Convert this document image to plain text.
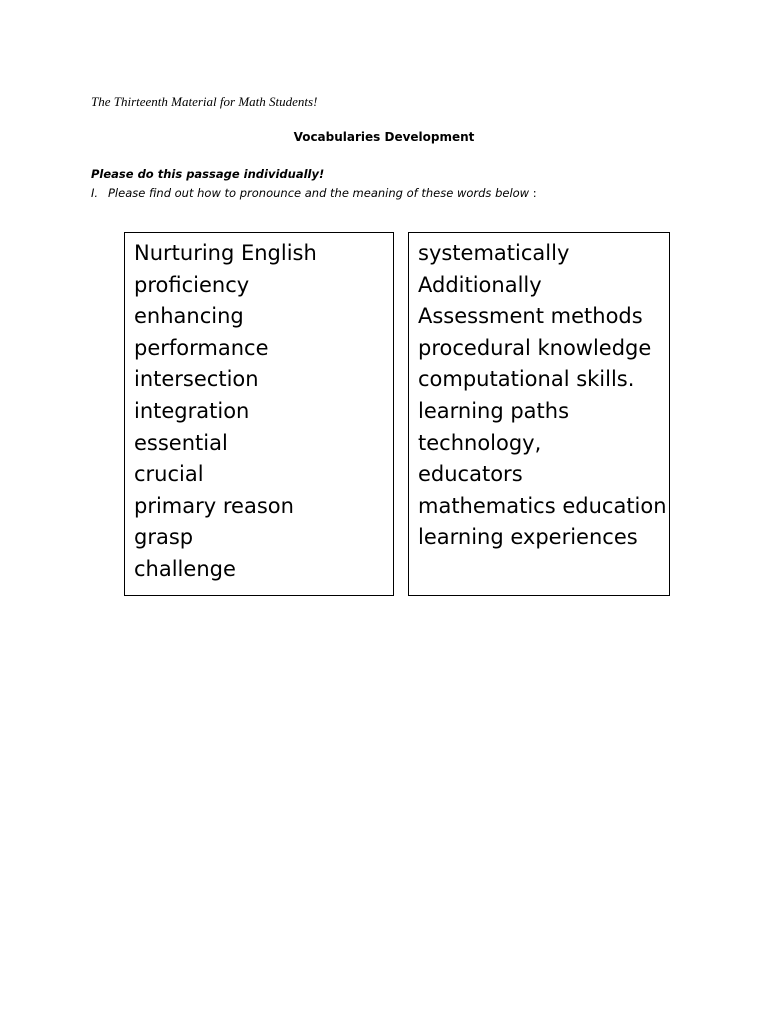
The Thirteenth Material for Math Students!
Vocabularies Development
Please do this passage individually!
I. Please find out how to pronounce and the meaning of these words below :
Nurturing English
proficiency
enhancing
performance
intersection
integration
essential
crucial
primary reason
grasp
challenge
systematically
Additionally
Assessment methods
procedural knowledge
computational skills.
learning paths
technology,
educators
mathematics education
learning experiences
